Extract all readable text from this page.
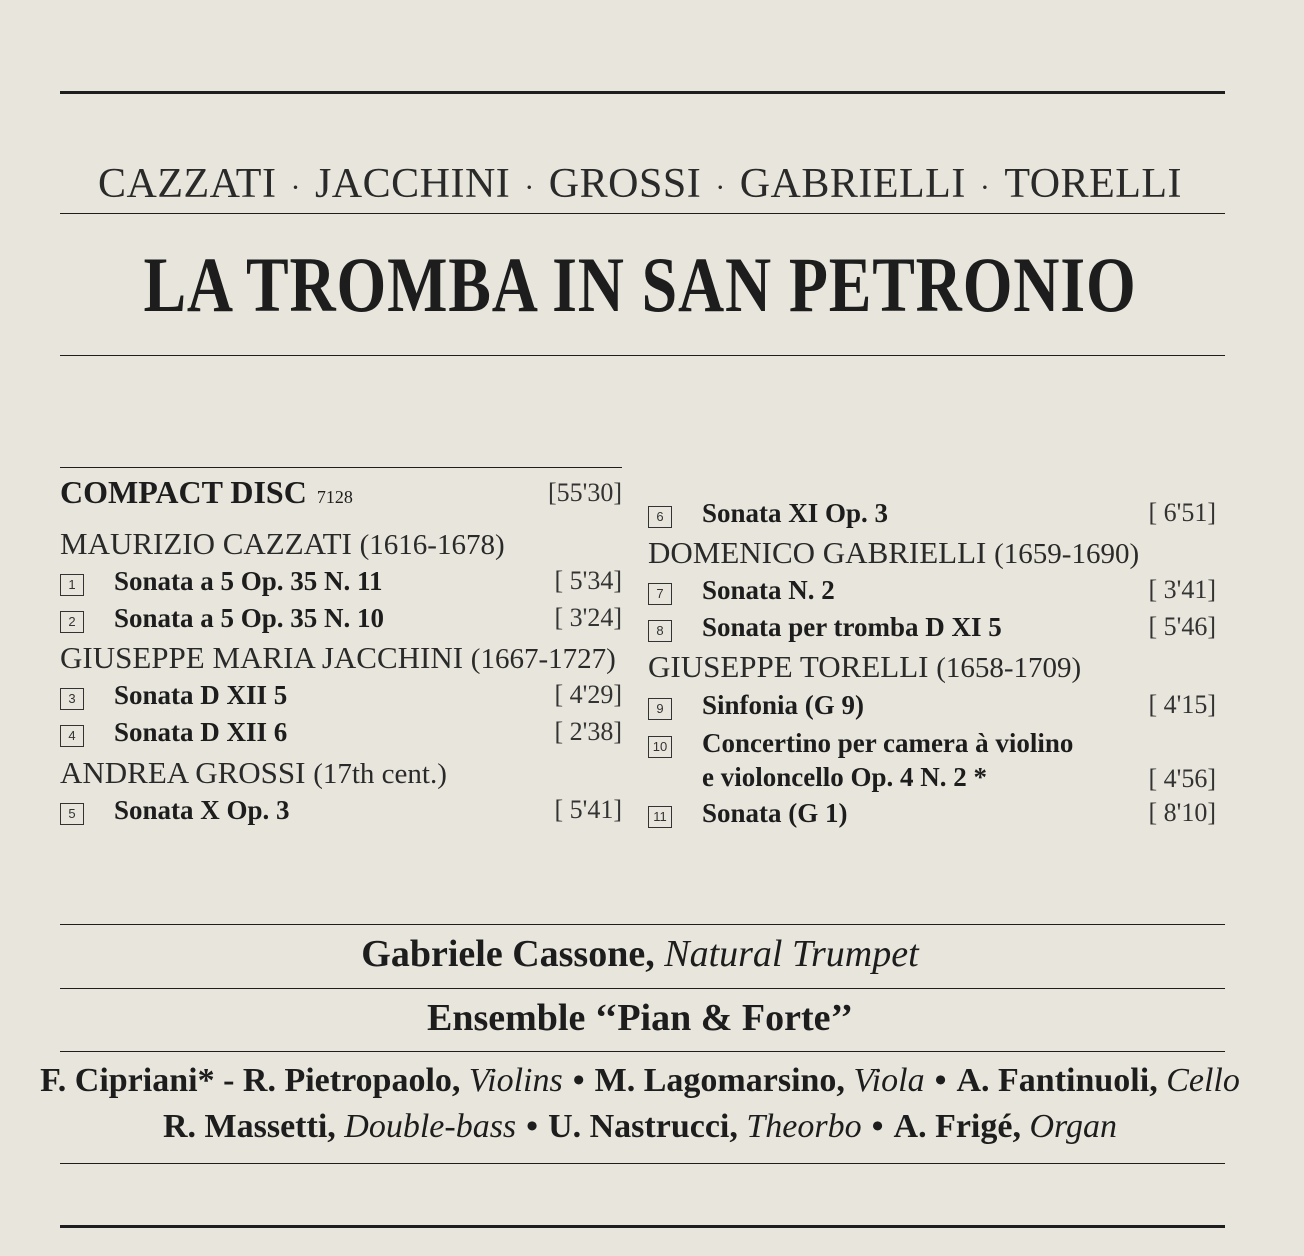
CAZZATI · JACCHINI · GROSSI · GABRIELLI · TORELLI
LA TROMBA IN SAN PETRONIO
COMPACT DISC 7128	[55'30]
MAURIZIO CAZZATI (1616-1678)
1	Sonata a 5 Op. 35 N. 11	[ 5'34]
2	Sonata a 5 Op. 35 N. 10	[ 3'24]
GIUSEPPE MARIA JACCHINI (1667-1727)
3	Sonata D XII 5	[ 4'29]
4	Sonata D XII 6	[ 2'38]
ANDREA GROSSI (17th cent.)
5	Sonata X Op. 3	[ 5'41]
6	Sonata XI Op. 3	[ 6'51]
DOMENICO GABRIELLI (1659-1690)
7	Sonata N. 2	[ 3'41]
8	Sonata per tromba D XI 5	[ 5'46]
GIUSEPPE TORELLI (1658-1709)
9	Sinfonia (G 9)	[ 4'15]
10 Concertino per camera à violino
e violoncello Op. 4 N. 2 *	[ 4'56]
11 Sonata (G 1)	[ 8'10]
Gabriele Cassone, Natural Trumpet
Ensemble ‘‘Pian & Forte’’
F. Cipriani* - R. Pietropaolo, Violins • M. Lagomarsino, Viola • A. Fantinuoli, Cello
R. Massetti, Double-bass • U. Nastrucci, Theorbo • A. Frigé, Organ
